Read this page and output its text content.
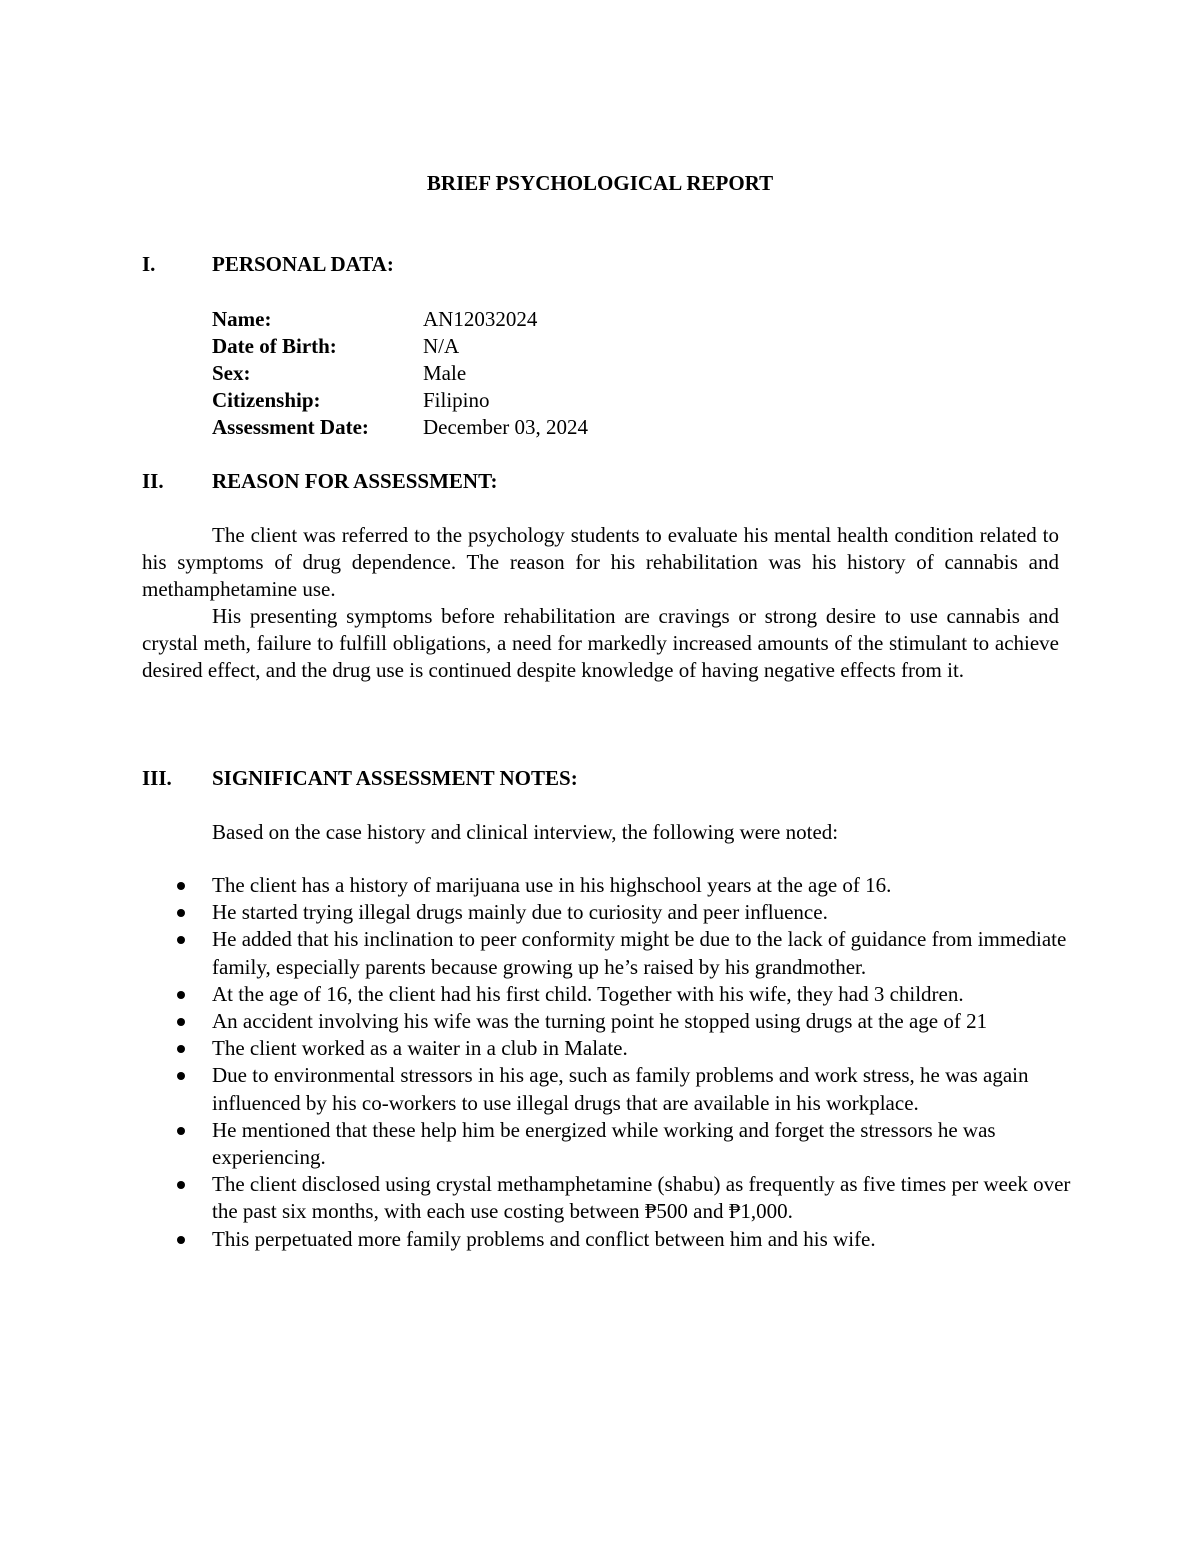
BRIEF PSYCHOLOGICAL REPORT
I.	PERSONAL DATA:
Name:	AN12032024
Date of Birth:	N/A
Sex:	Male
Citizenship:	Filipino
Assessment Date:	December 03, 2024
II. REASON FOR ASSESSMENT:

The client was referred to the psychology students to evaluate his mental health condition related to his symptoms of drug dependence. The reason for his rehabilitation was his history of cannabis and methamphetamine use.

His presenting symptoms before rehabilitation are cravings or strong desire to use cannabis and crystal meth, failure to fulfill obligations, a need for markedly increased amounts of the stimulant to achieve desired effect, and the drug use is continued despite knowledge of having negative effects from it.

III. SIGNIFICANT ASSESSMENT NOTES:
Based on the case history and clinical interview, the following were noted:
The client has a history of marijuana use in his highschool years at the age of 16.
He started trying illegal drugs mainly due to curiosity and peer influence.
He added that his inclination to peer conformity might be due to the lack of guidance from immediate family, especially parents because growing up he’s raised by his grandmother.
At the age of 16, the client had his first child. Together with his wife, they had 3 children.
An accident involving his wife was the turning point he stopped using drugs at the age of 21
The client worked as a waiter in a club in Malate.
Due to environmental stressors in his age, such as family problems and work stress, he was again influenced by his co-workers to use illegal drugs that are available in his workplace.
He mentioned that these help him be energized while working and forget the stressors he was experiencing.
The client disclosed using crystal methamphetamine (shabu) as frequently as five times per week over the past six months, with each use costing between ₱500 and ₱1,000.
This perpetuated more family problems and conflict between him and his wife.
